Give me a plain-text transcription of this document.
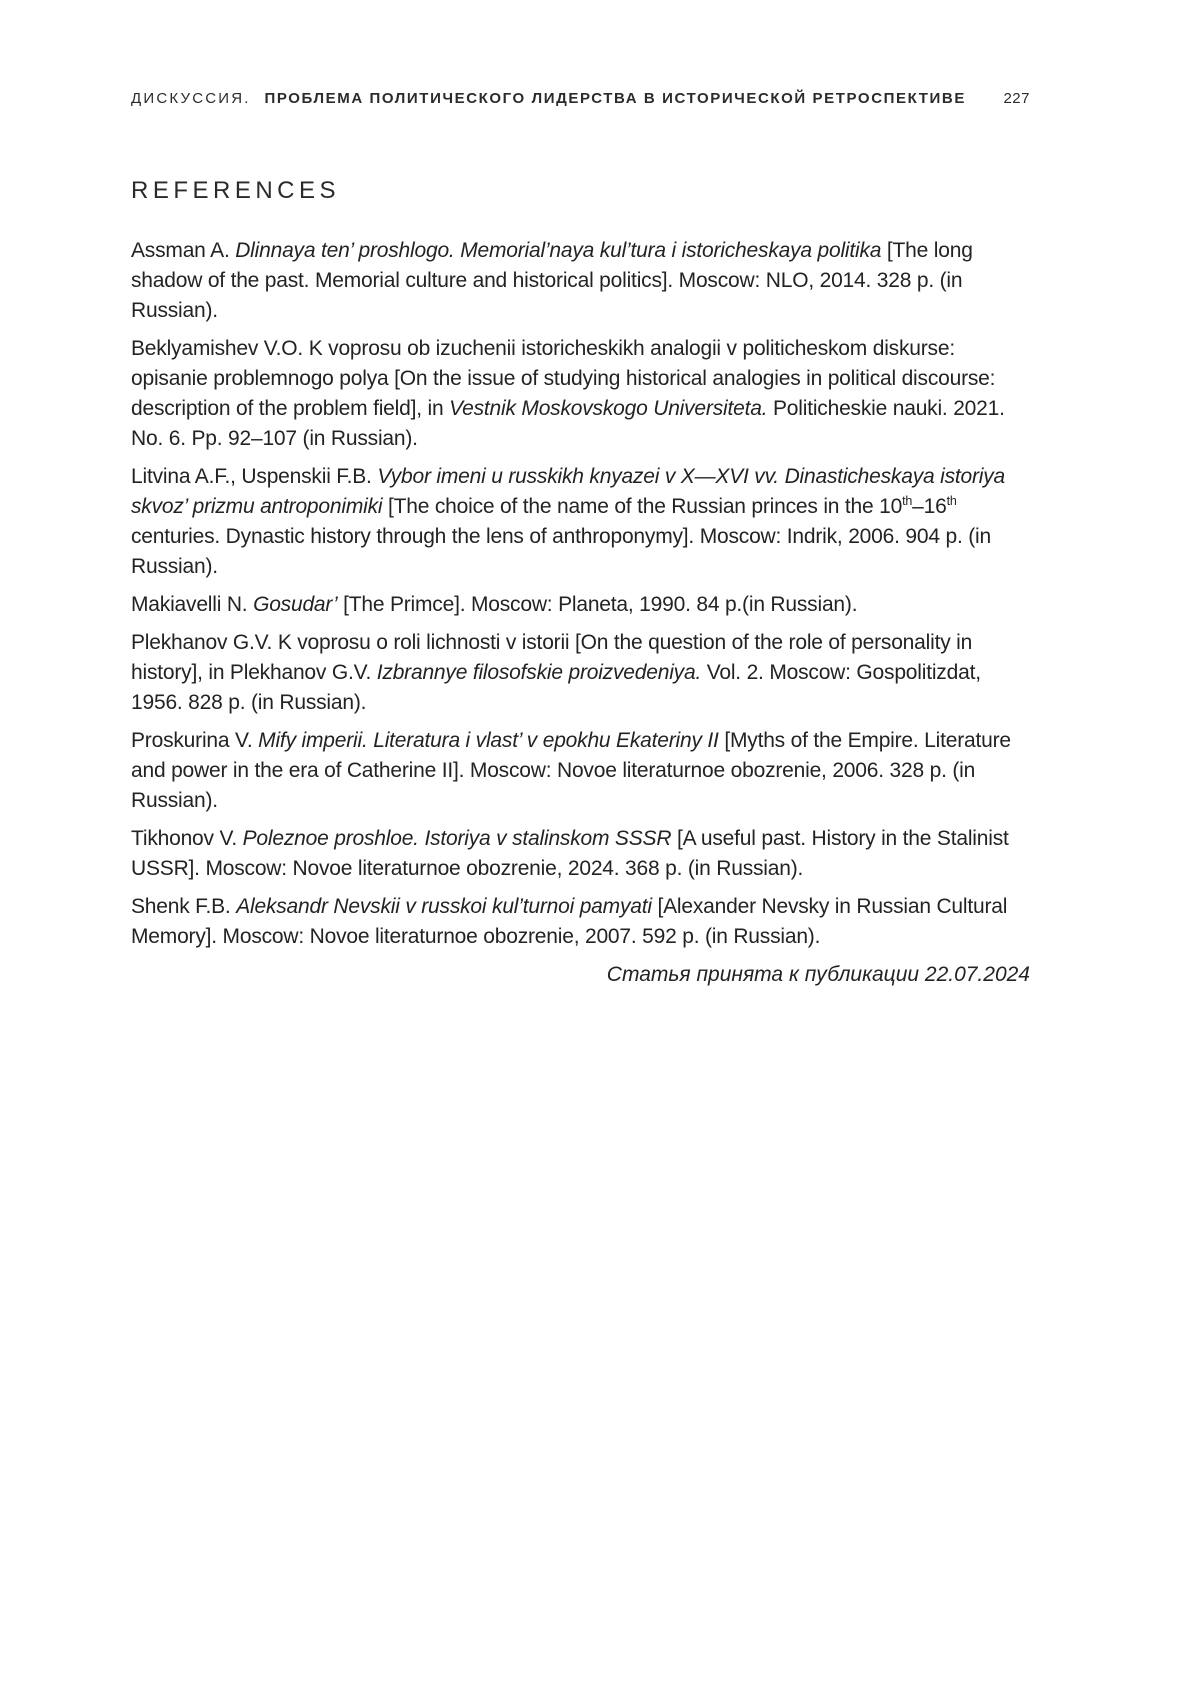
ДИСКУССИЯ. ПРОБЛЕМА ПОЛИТИЧЕСКОГО ЛИДЕРСТВА В ИСТОРИЧЕСКОЙ РЕТРОСПЕКТИВЕ	227
REFERENCES

Assman A. Dlinnaya ten’ proshlogo. Memorial’naya kul’tura i istoricheskaya politika [The long shadow of the past. Memorial culture and historical politics]. Moscow: NLO, 2014. 328 p. (in Russian).

Beklyamishev V.O. K voprosu ob izuchenii istoricheskikh analogii v politicheskom diskurse: opisanie problemnogo polya [On the issue of studying historical analogies in political discourse: description of the problem field], in Vestnik Moskovskogo Universiteta. Politicheskie nauki. 2021. No. 6. Pp. 92–107 (in Russian).

Litvina A.F., Uspenskii F.B. Vybor imeni u russkikh knyazei v X—XVI vv. Dinasticheskaya istoriya skvoz’ prizmu antroponimiki [The choice of the name of the Russian princes in the 10th–16th centuries. Dynastic history through the lens of anthroponymy]. Moscow: Indrik, 2006. 904 p. (in Russian).

Makiavelli N. Gosudar’ [The Primce]. Moscow: Planeta, 1990. 84 p.(in Russian).

Plekhanov G.V. K voprosu o roli lichnosti v istorii [On the question of the role of personality in history], in Plekhanov G.V. Izbrannye filosofskie proizvedeniya. Vol. 2. Moscow: Gospolitizdat, 1956. 828 p. (in Russian).

Proskurina V. Mify imperii. Literatura i vlast’ v epokhu Ekateriny II [Myths of the Empire. Literature and power in the era of Catherine II]. Moscow: Novoe literaturnoe obozrenie, 2006. 328 p. (in Russian).

Tikhonov V. Poleznoe proshloe. Istoriya v stalinskom SSSR [A useful past. History in the Stalinist USSR]. Moscow: Novoe literaturnoe obozrenie, 2024. 368 p. (in Russian).

Shenk F.B. Aleksandr Nevskii v russkoi kul’turnoi pamyati [Alexander Nevsky in Russian Cultural Memory]. Moscow: Novoe literaturnoe obozrenie, 2007. 592 p. (in Russian).

Статья принята к публикации 22.07.2024
